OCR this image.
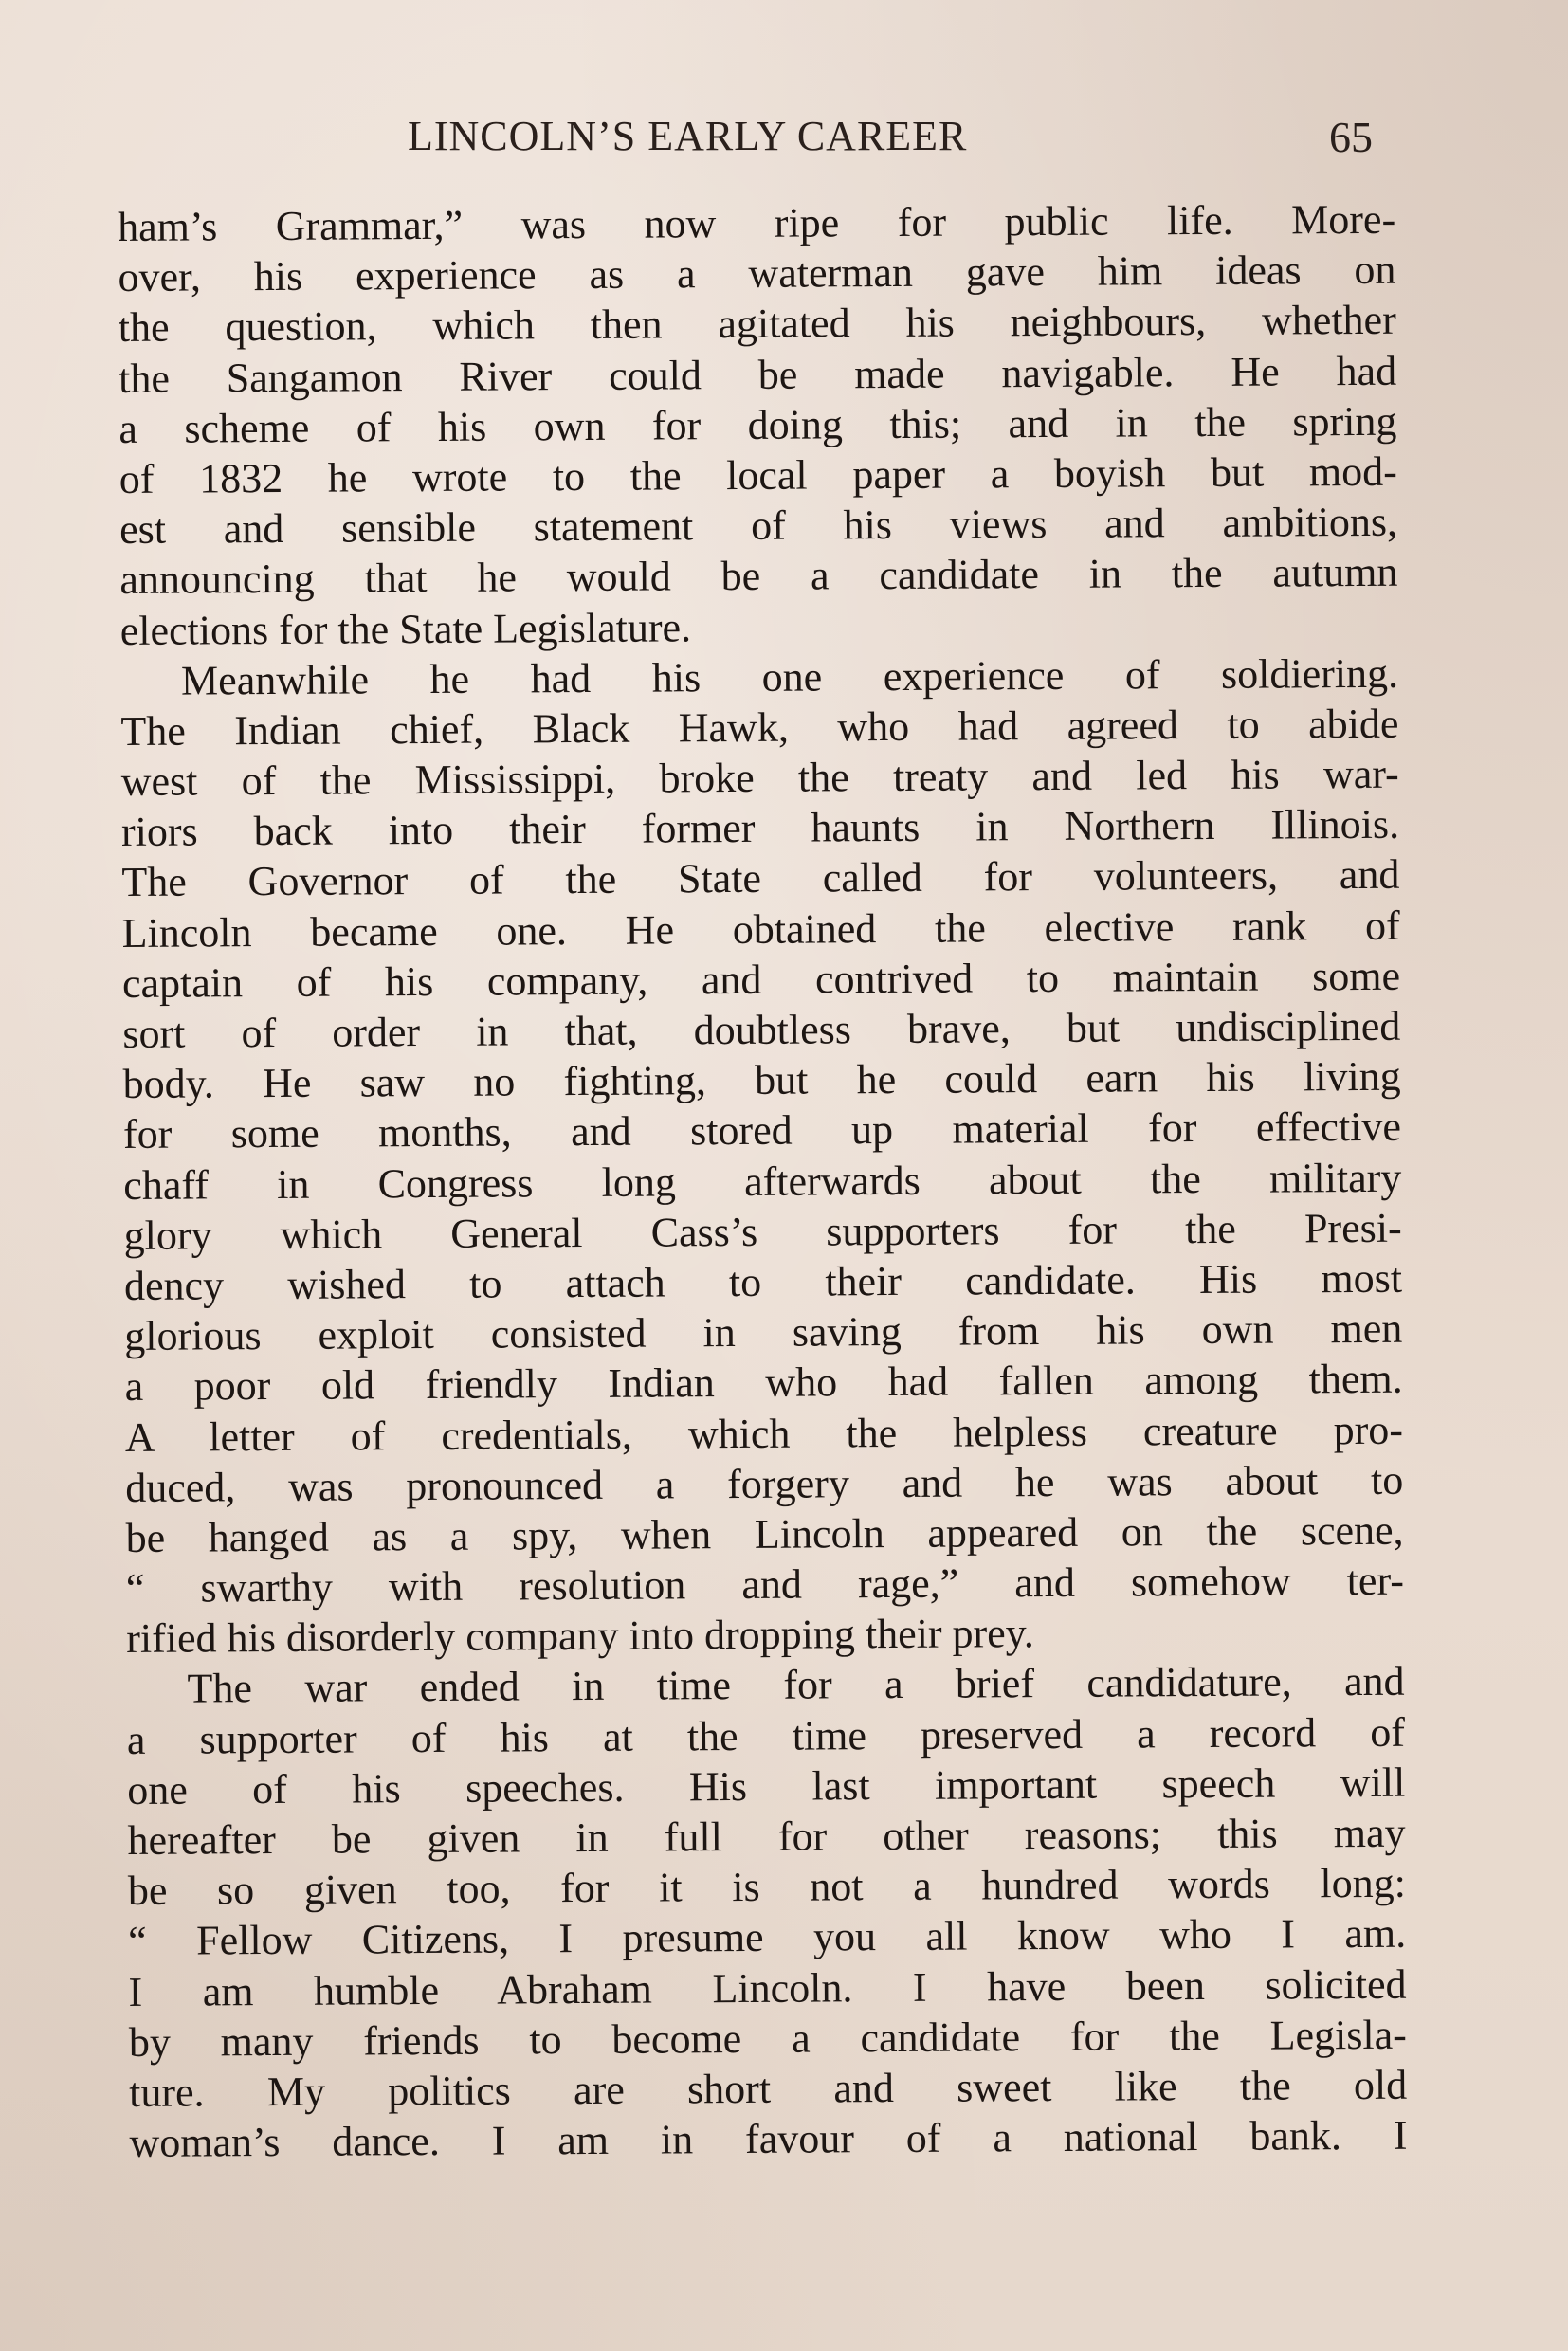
LINCOLN’S EARLY CAREER	65
ham’s Grammar,” was now ripe for public life. More-
over, his experience as a waterman gave him ideas on
the question, which then agitated his neighbours, whether
the Sangamon River could be made navigable. He had
a scheme of his own for doing this; and in the spring
of 1832 he wrote to the local paper a boyish but mod-
est and sensible statement of his views and ambitions,
announcing that he would be a candidate in the autumn
elections for the State Legislature.
Meanwhile he had his one experience of soldiering.
The Indian chief, Black Hawk, who had agreed to abide
west of the Mississippi, broke the treaty and led his war-
riors back into their former haunts in Northern Illinois.
The Governor of the State called for volunteers, and
Lincoln became one. He obtained the elective rank of
captain of his company, and contrived to maintain some
sort of order in that, doubtless brave, but undisciplined
body. He saw no fighting, but he could earn his living
for some months, and stored up material for effective
chaff in Congress long afterwards about the military
glory which General Cass’s supporters for the Presi-
dency wished to attach to their candidate. His most
glorious exploit consisted in saving from his own men
a poor old friendly Indian who had fallen among them.
A letter of credentials, which the helpless creature pro-
duced, was pronounced a forgery and he was about to
be hanged as a spy, when Lincoln appeared on the scene,
“ swarthy with resolution and rage,” and somehow ter-
rified his disorderly company into dropping their prey.
The war ended in time for a brief candidature, and
a supporter of his at the time preserved a record of
one of his speeches. His last important speech will
hereafter be given in full for other reasons; this may
be so given too, for it is not a hundred words long:
“ Fellow Citizens, I presume you all know who I am.
I am humble Abraham Lincoln. I have been solicited
by many friends to become a candidate for the Legisla-
ture. My politics are short and sweet like the old
woman’s dance. I am in favour of a national bank. I
